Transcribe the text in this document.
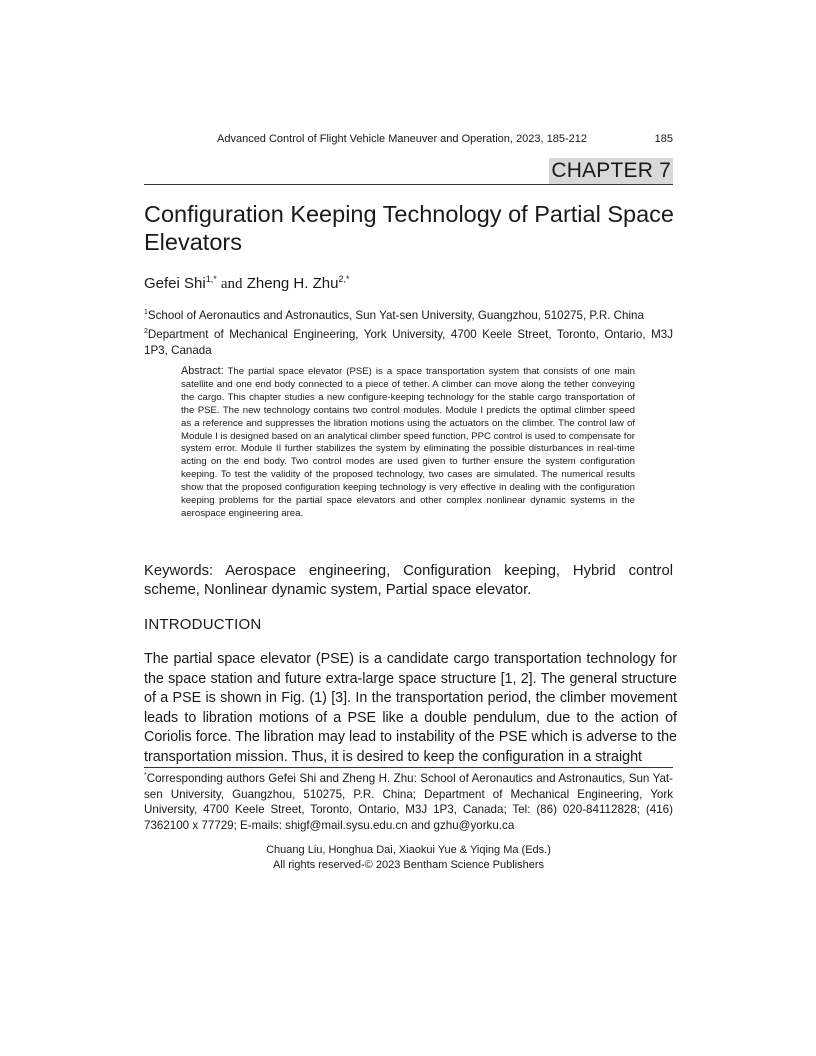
Advanced Control of Flight Vehicle Maneuver and Operation, 2023, 185-212	185
CHAPTER 7
Configuration Keeping Technology of Partial Space Elevators
Gefei Shi$^{1,*}$ and Zheng H. Zhu$^{2,*}$

$^1$School of Aeronautics and Astronautics, Sun Yat-sen University, Guangzhou, 510275, P.R. China

$^2$Department of Mechanical Engineering, York University, 4700 Keele Street, Toronto, Ontario, M3J 1P3, Canada

Abstract: The partial space elevator (PSE) is a space transportation system that consists of one main satellite and one end body connected to a piece of tether. A climber can move along the tether conveying the cargo. This chapter studies a new configure-keeping technology for the stable cargo transportation of the PSE. The new technology contains two control modules. Module I predicts the optimal climber speed as a reference and suppresses the libration motions using the actuators on the climber. The control law of Module I is designed based on an analytical climber speed function, PPC control is used to compensate for system error. Module II further stabilizes the system by eliminating the possible disturbances in real-time acting on the end body. Two control modes are used given to further ensure the system configuration keeping. To test the validity of the proposed technology, two cases are simulated. The numerical results show that the proposed configuration keeping technology is very effective in dealing with the configuration keeping problems for the partial space elevators and other complex nonlinear dynamic systems in the aerospace engineering area.
Keywords: Aerospace engineering, Configuration keeping, Hybrid control scheme, Nonlinear dynamic system, Partial space elevator.
INTRODUCTION
The partial space elevator (PSE) is a candidate cargo transportation technology for the space station and future extra-large space structure [1, 2]. The general structure of a PSE is shown in Fig. (1) [3]. In the transportation period, the climber movement leads to libration motions of a PSE like a double pendulum, due to the action of Coriolis force. The libration may lead to instability of the PSE which is adverse to the transportation mission. Thus, it is desired to keep the configuration in a straight
*Corresponding authors Gefei Shi and Zheng H. Zhu: School of Aeronautics and Astronautics, Sun Yat-sen University, Guangzhou, 510275, P.R. China; Department of Mechanical Engineering, York University, 4700 Keele Street, Toronto, Ontario, M3J 1P3, Canada; Tel: (86) 020-84112828; (416) 7362100 x 77729; E-mails: shigf@mail.sysu.edu.cn and gzhu@yorku.ca

Chuang Liu, Honghua Dai, Xiaokui Yue & Yiqing Ma (Eds.)

All rights reserved-© 2023 Bentham Science Publishers
